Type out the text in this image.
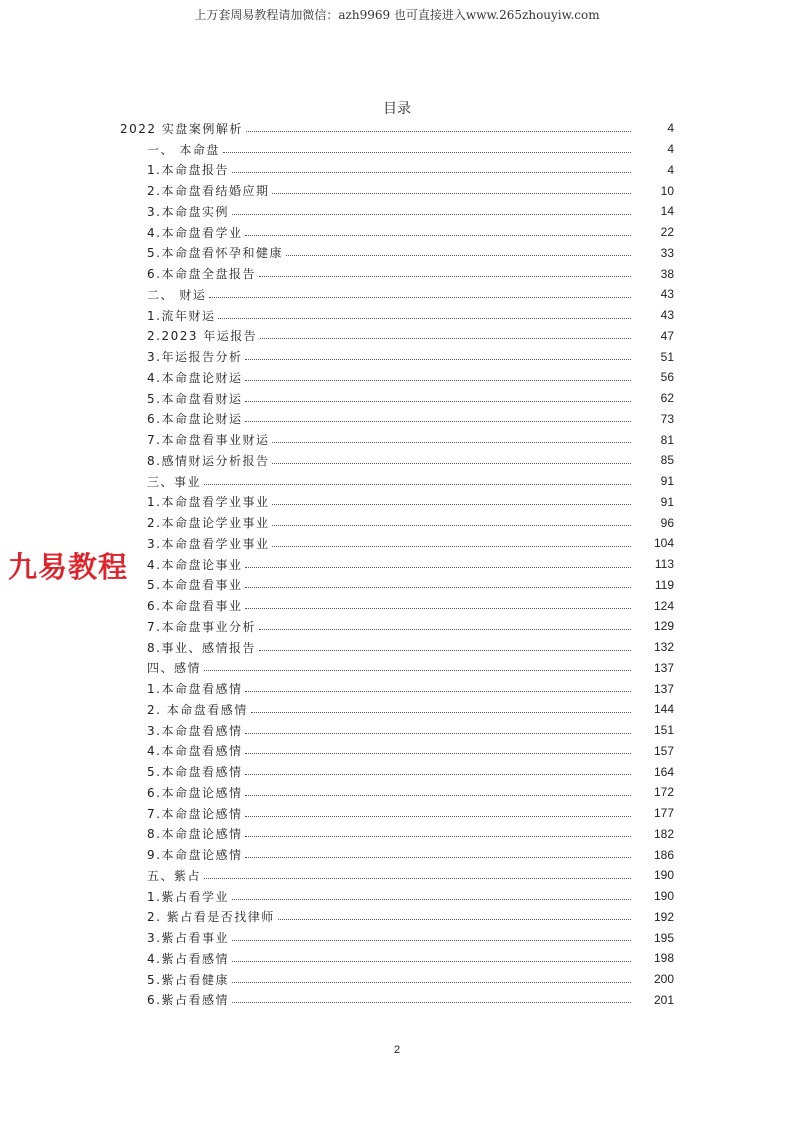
上万套周易教程请加微信：azh9969 也可直接进入www.265zhouyiw.com
目录
2022 实盘案例解析	4
一、 本命盘	4
1.本命盘报告	4
2.本命盘看结婚应期	10
3.本命盘实例	14
4.本命盘看学业	22
5.本命盘看怀孕和健康	33
6.本命盘全盘报告	38
二、 财运	43
1.流年财运	43
2.2023 年运报告	47
3.年运报告分析	51
4.本命盘论财运	56
5.本命盘看财运	62
6.本命盘论财运	73
7.本命盘看事业财运	81
8.感情财运分析报告	85
三、事业	91
1.本命盘看学业事业	91
2.本命盘论学业事业	96
3.本命盘看学业事业	104
4.本命盘论事业	113
5.本命盘看事业	119
6.本命盘看事业	124
7.本命盘事业分析	129
8.事业、感情报告	132
四、感情	137
1.本命盘看感情	137
2. 本命盘看感情	144
3.本命盘看感情	151
4.本命盘看感情	157
5.本命盘看感情	164
6.本命盘论感情	172
7.本命盘论感情	177
8.本命盘论感情	182
9.本命盘论感情	186
五、紫占	190
1.紫占看学业	190
2. 紫占看是否找律师	192
3.紫占看事业	195
4.紫占看感情	198
5.紫占看健康	200
6.紫占看感情	201
九易教程
2
